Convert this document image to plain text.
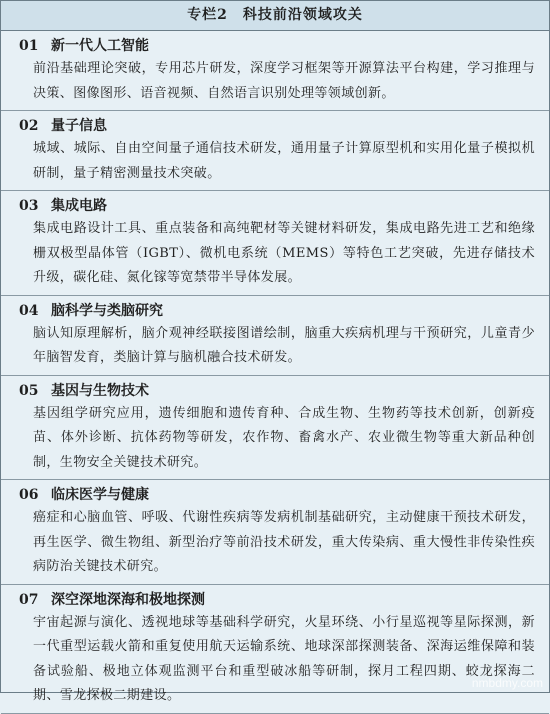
专栏2　科技前沿领域攻关
01 新一代人工智能
前沿基础理论突破，专用芯片研发，深度学习框架等开源算法平台构建，学习推理与决策、图像图形、语音视频、自然语言识别处理等领域创新。
02 量子信息
城域、城际、自由空间量子通信技术研发，通用量子计算原型机和实用化量子模拟机研制，量子精密测量技术突破。
03 集成电路
集成电路设计工具、重点装备和高纯靶材等关键材料研发，集成电路先进工艺和绝缘栅双极型晶体管（IGBT）、微机电系统（MEMS）等特色工艺突破，先进存储技术升级，碳化硅、氮化镓等宽禁带半导体发展。
04 脑科学与类脑研究
脑认知原理解析，脑介观神经联接图谱绘制，脑重大疾病机理与干预研究，儿童青少年脑智发育，类脑计算与脑机融合技术研发。
05 基因与生物技术
基因组学研究应用，遗传细胞和遗传育种、合成生物、生物药等技术创新，创新疫苗、体外诊断、抗体药物等研发，农作物、畜禽水产、农业微生物等重大新品种创制，生物安全关键技术研究。
06 临床医学与健康
癌症和心脑血管、呼吸、代谢性疾病等发病机制基础研究，主动健康干预技术研发，再生医学、微生物组、新型治疗等前沿技术研发，重大传染病、重大慢性非传染性疾病防治关键技术研究。
07 深空深地深海和极地探测
宇宙起源与演化、透视地球等基础科学研究，火星环绕、小行星巡视等星际探测，新一代重型运载火箭和重复使用航天运输系统、地球深部探测装备、深海运维保障和装备试验船、极地立体观监测平台和重型破冰船等研制，探月工程四期、蛟龙探海二期、雪龙探极二期建设。
nmbdmy.com
